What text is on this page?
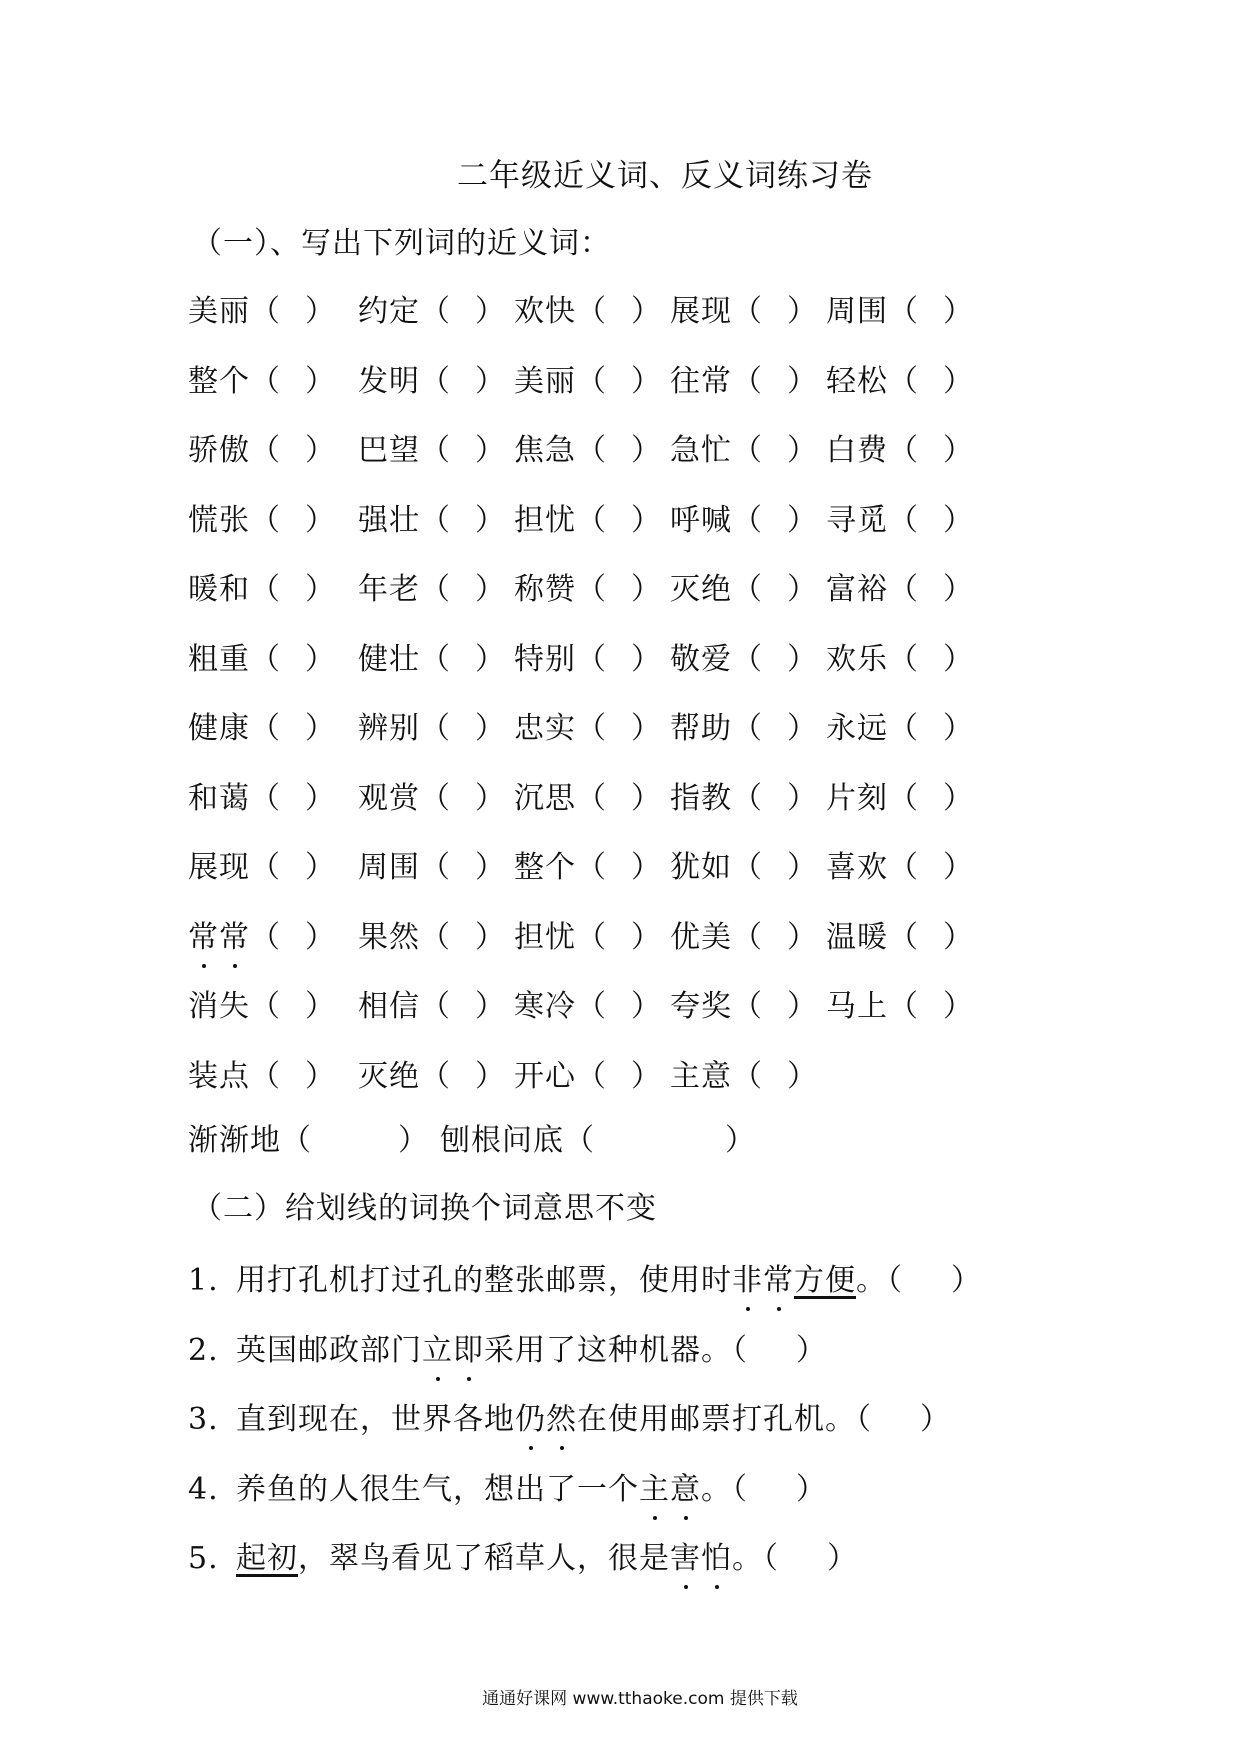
二年级近义词、反义词练习卷
（一）、写出下列词的近义词：
美丽（ ） 约定（ ） 欢快（ ） 展现（ ） 周围（ ）
整个（ ） 发明（ ） 美丽（ ） 往常（ ） 轻松（ ）
骄傲（ ） 巴望（ ） 焦急（ ） 急忙（ ） 白费（ ）
慌张（ ） 强壮（ ） 担忧（ ） 呼喊（ ） 寻觅（ ）
暖和（ ） 年老（ ） 称赞（ ） 灭绝（ ） 富裕（ ）
粗重（ ） 健壮（ ） 特别（ ） 敬爱（ ） 欢乐（ ）
健康（ ） 辨别（ ） 忠实（ ） 帮助（ ） 永远（ ）
和蔼（ ） 观赏（ ） 沉思（ ） 指教（ ） 片刻（ ）
展现（ ） 周围（ ） 整个（ ） 犹如（ ） 喜欢（ ）
常常（ ） 果然（ ） 担忧（ ） 优美（ ） 温暖（ ）
消失（ ） 相信（ ） 寒冷（ ） 夸奖（ ） 马上（ ）
装点（ ） 灭绝（ ） 开心（ ） 主意（ ）
渐渐地（	） 刨根问底（	）
（二）给划线的词换个词意思不变
1. 用打孔机打过孔的整张邮票，使用时非常方便。（ ）
2. 英国邮政部门立即采用了这种机器。（ ）
3. 直到现在，世界各地仍然在使用邮票打孔机。（ ）
4. 养鱼的人很生气，想出了一个主意。（ ）
5. 起初，翠鸟看见了稻草人，很是害怕。（ ）
通通好课网 www.tthaoke.com 提供下载
